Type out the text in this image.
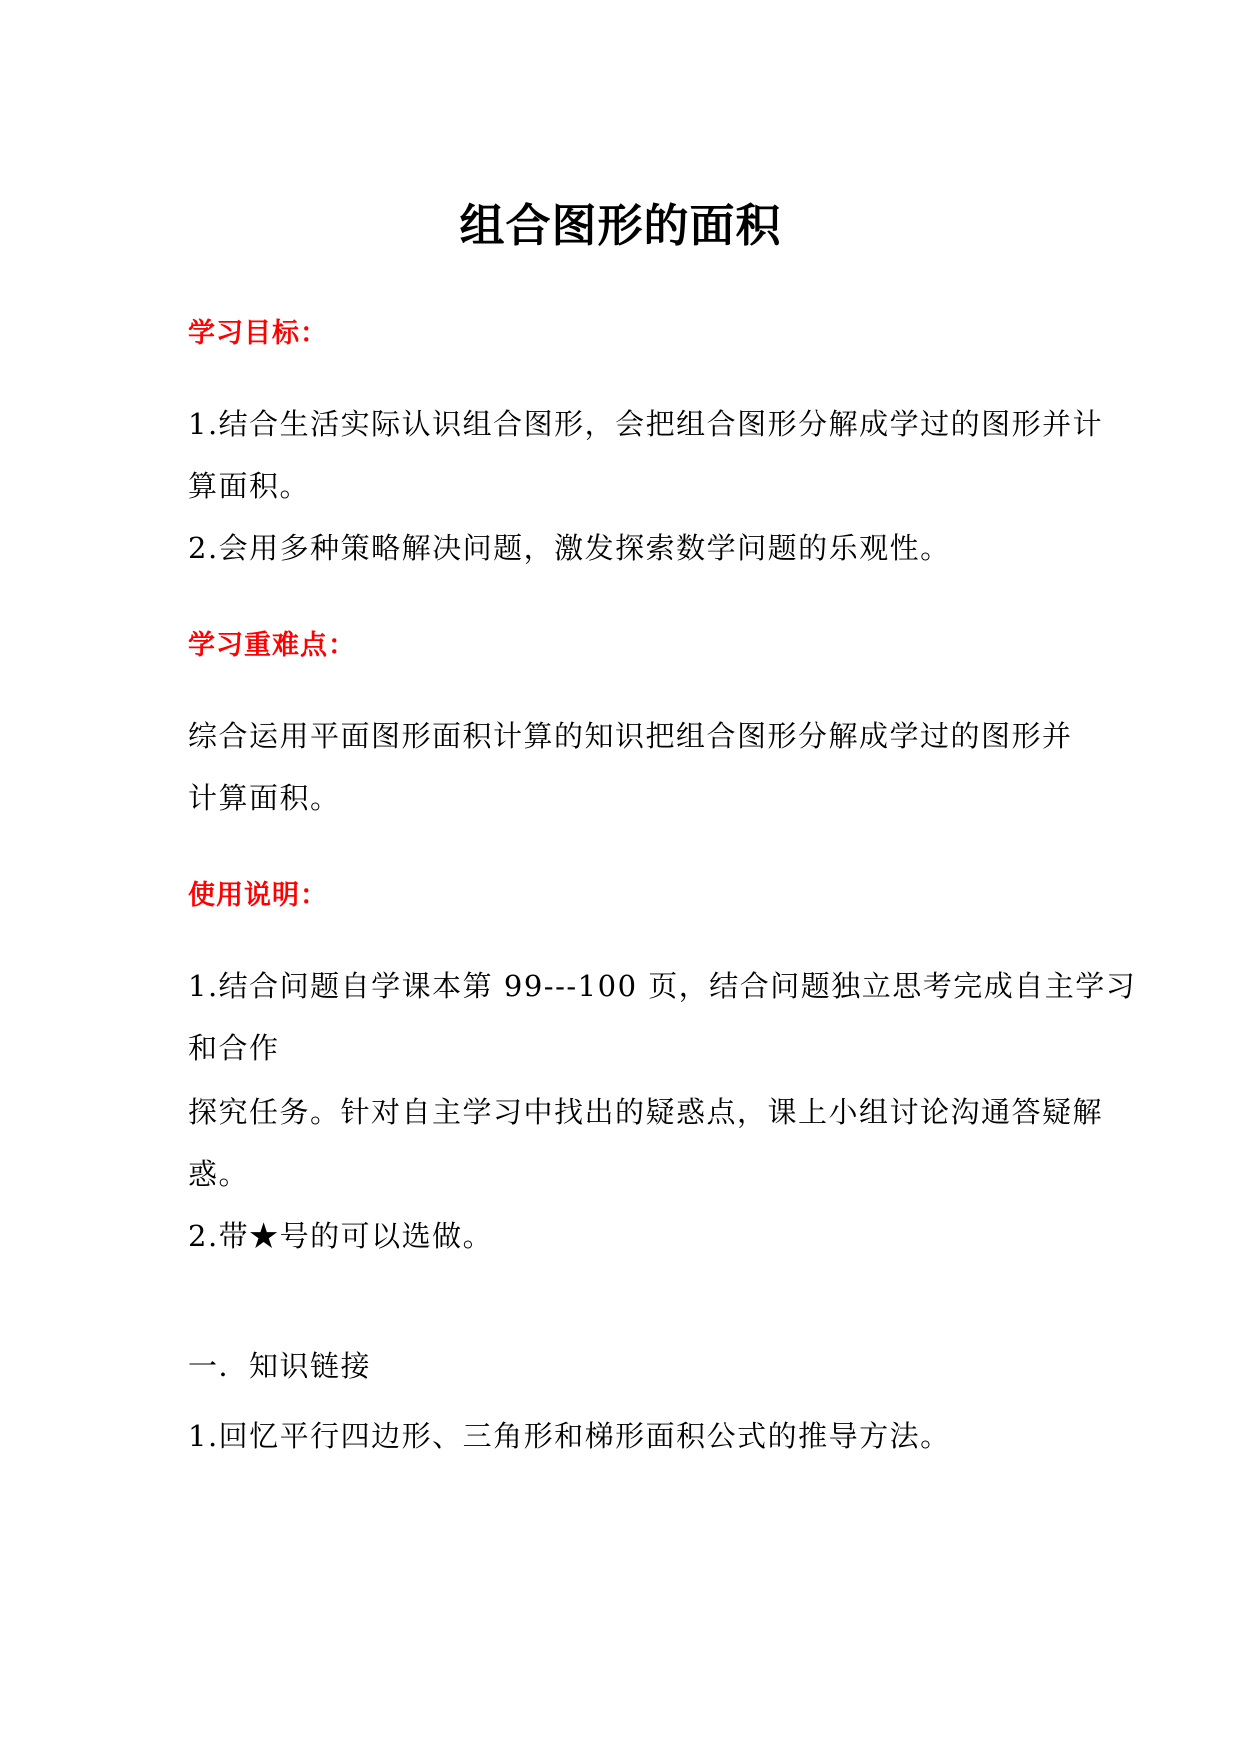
组合图形的面积
学习目标：
1.结合生活实际认识组合图形，会把组合图形分解成学过的图形并计
算面积。
2.会用多种策略解决问题，激发探索数学问题的乐观性。
学习重难点：
综合运用平面图形面积计算的知识把组合图形分解成学过的图形并
计算面积。
使用说明：
1.结合问题自学课本第 99---100 页，结合问题独立思考完成自主学习
和合作
探究任务。针对自主学习中找出的疑惑点，课上小组讨论沟通答疑解
惑。
2.带★号的可以选做。
一．知识链接
1.回忆平行四边形、三角形和梯形面积公式的推导方法。
